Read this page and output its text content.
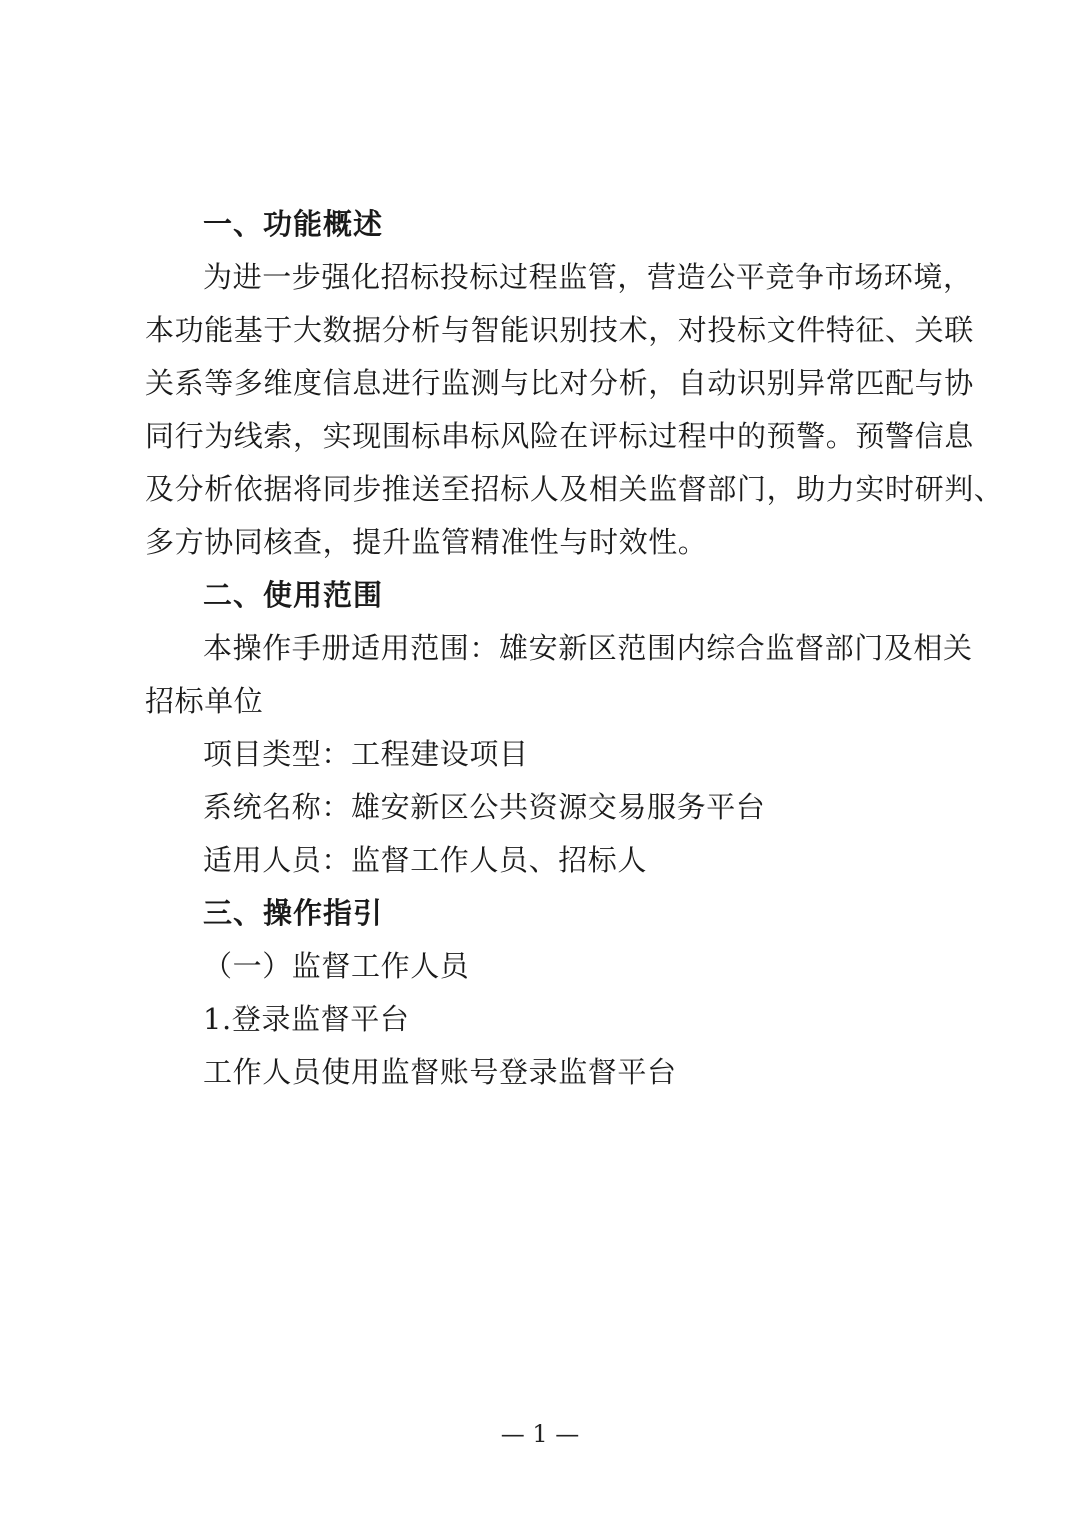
一、功能概述
为进一步强化招标投标过程监管，营造公平竞争市场环境，
本功能基于大数据分析与智能识别技术，对投标文件特征、关联
关系等多维度信息进行监测与比对分析，自动识别异常匹配与协
同行为线索，实现围标串标风险在评标过程中的预警。预警信息
及分析依据将同步推送至招标人及相关监督部门，助力实时研判、
多方协同核查，提升监管精准性与时效性。
二、使用范围
本操作手册适用范围：雄安新区范围内综合监督部门及相关
招标单位
项目类型：工程建设项目
系统名称：雄安新区公共资源交易服务平台
适用人员：监督工作人员、招标人
三、操作指引
（一）监督工作人员
1.登录监督平台
工作人员使用监督账号登录监督平台
— 1 —
